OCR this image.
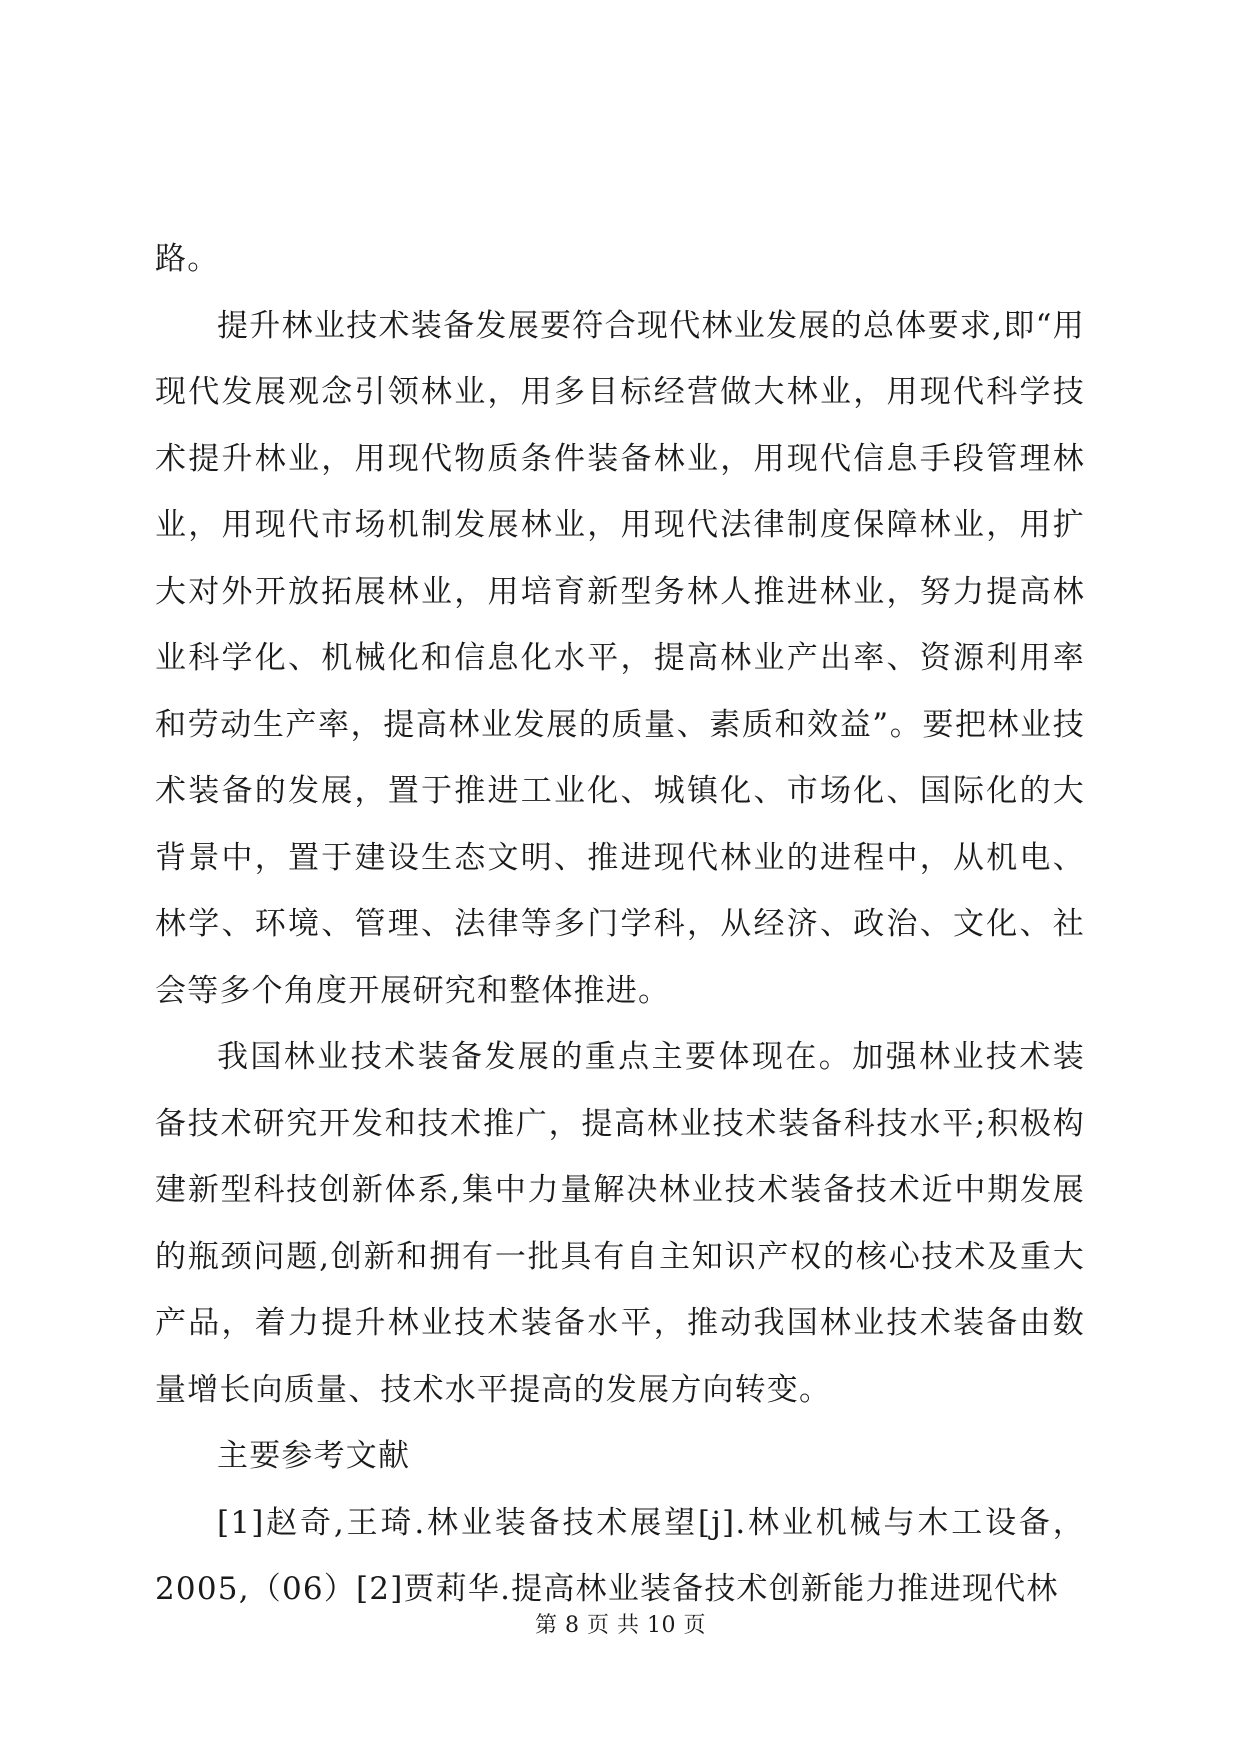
路。

提升林业技术装备发展要符合现代林业发展的总体要求,即“用现代发展观念引领林业，用多目标经营做大林业，用现代科学技术提升林业，用现代物质条件装备林业，用现代信息手段管理林业，用现代市场机制发展林业，用现代法律制度保障林业，用扩大对外开放拓展林业，用培育新型务林人推进林业，努力提高林业科学化、机械化和信息化水平，提高林业产出率、资源利用率和劳动生产率，提高林业发展的质量、素质和效益”。要把林业技术装备的发展，置于推进工业化、城镇化、市场化、国际化的大背景中，置于建设生态文明、推进现代林业的进程中，从机电、林学、环境、管理、法律等多门学科，从经济、政治、文化、社会等多个角度开展研究和整体推进。

我国林业技术装备发展的重点主要体现在。加强林业技术装备技术研究开发和技术推广，提高林业技术装备科技水平;积极构建新型科技创新体系,集中力量解决林业技术装备技术近中期发展的瓶颈问题,创新和拥有一批具有自主知识产权的核心技术及重大产品，着力提升林业技术装备水平，推动我国林业技术装备由数量增长向质量、技术水平提高的发展方向转变。

主要参考文献

[1]赵奇,王琦.林业装备技术展望[j].林业机械与木工设备，2005,（06）[2]贾莉华.提高林业装备技术创新能力推进现代林

第 8 页 共 10 页
